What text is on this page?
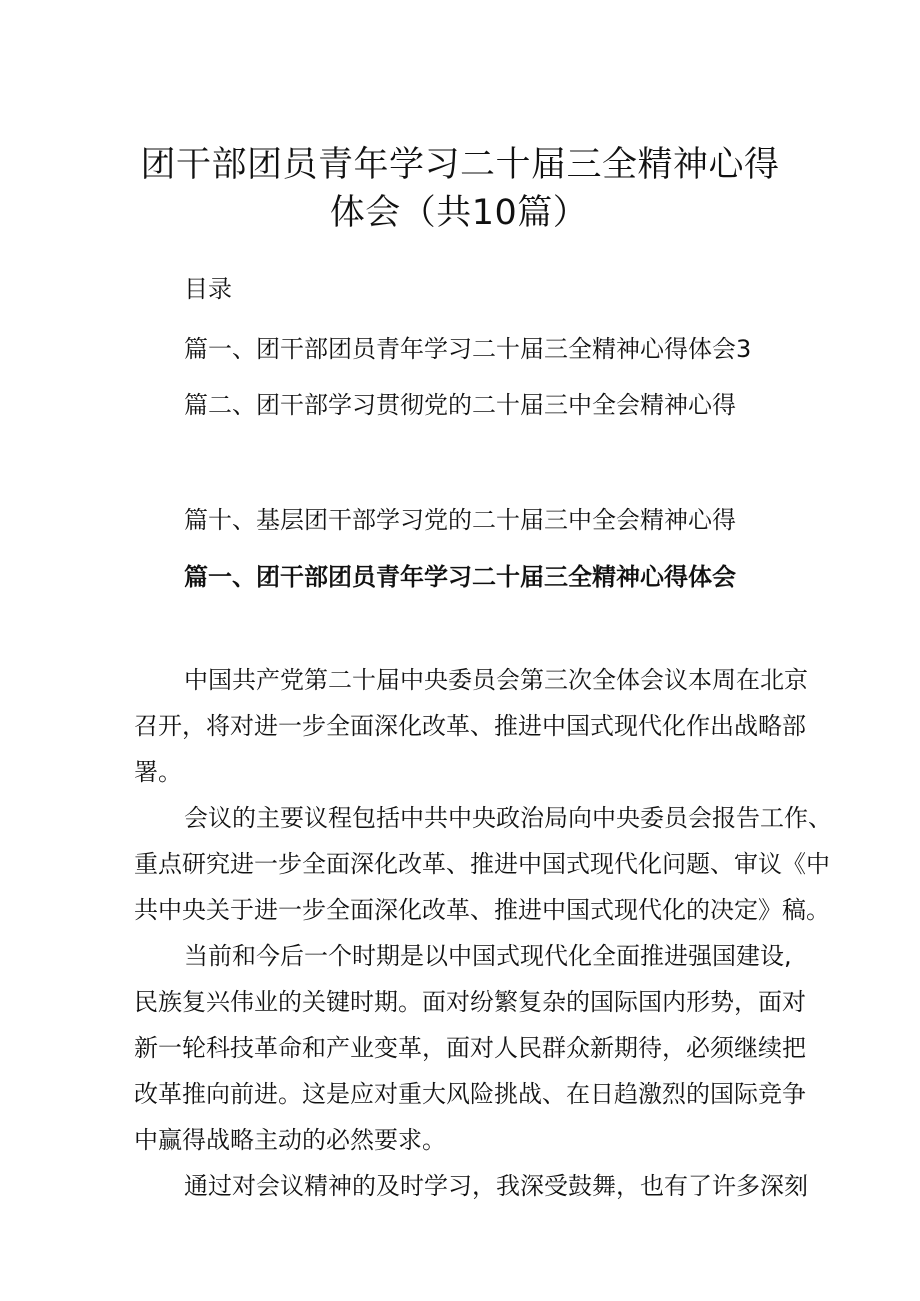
团干部团员青年学习二十届三全精神心得
体会（共10篇）
目录
篇一、团干部团员青年学习二十届三全精神心得体会3
篇二、团干部学习贯彻党的二十届三中全会精神心得
篇十、基层团干部学习党的二十届三中全会精神心得
篇一、团干部团员青年学习二十届三全精神心得体会
中国共产党第二十届中央委员会第三次全体会议本周在北京
召开，将对进一步全面深化改革、推进中国式现代化作出战略部
署。
会议的主要议程包括中共中央政治局向中央委员会报告工作、
重点研究进一步全面深化改革、推进中国式现代化问题、审议《中
共中央关于进一步全面深化改革、推进中国式现代化的决定》稿。
当前和今后一个时期是以中国式现代化全面推进强国建设,
民族复兴伟业的关键时期。面对纷繁复杂的国际国内形势，面对
新一轮科技革命和产业变革，面对人民群众新期待，必须继续把
改革推向前进。这是应对重大风险挑战、在日趋激烈的国际竞争
中赢得战略主动的必然要求。
通过对会议精神的及时学习，我深受鼓舞，也有了许多深刻
